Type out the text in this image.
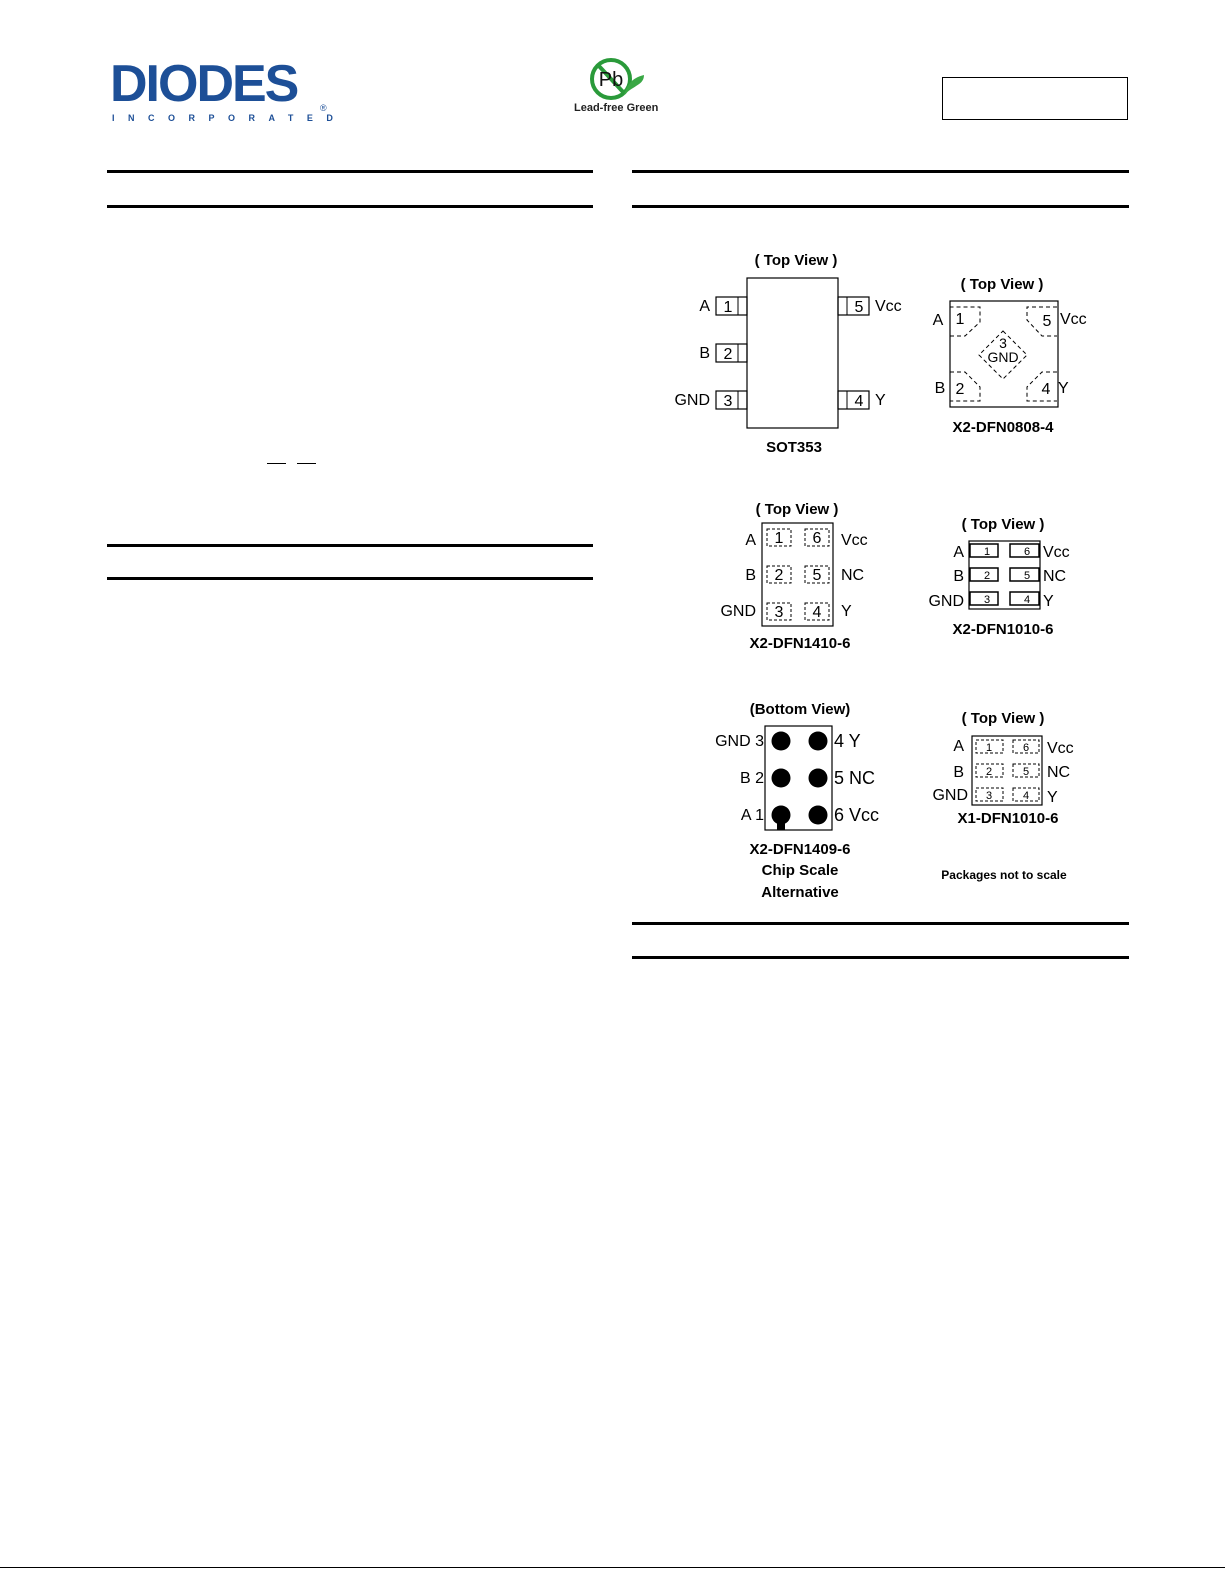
DIODES
INCORPORATED
®
Pb
Lead-free Green
( Top View )
1
2
3
5
4
A
B
GND
Vcc
Y
SOT353
( Top View )
A 1	5 Vcc
3
GND
B 2	4 Y
X2-DFN0808-4
( Top View )
1 6
2 5
3 4
A
B
GND
Vcc
NC
Y
X2-DFN1410-6
( Top View )
1	6
2	5
3	4
A
B
GND
Vcc
NC
Y
X2-DFN1010-6
(Bottom View)
GND 3
B 2
A 1
4 Y
5 NC
6 Vcc
X2-DFN1409-6
Chip Scale
Alternative
( Top View )
1	6
2	5
3	4
A
B
GND
Vcc
NC
Y
X1-DFN1010-6
Packages not to scale
